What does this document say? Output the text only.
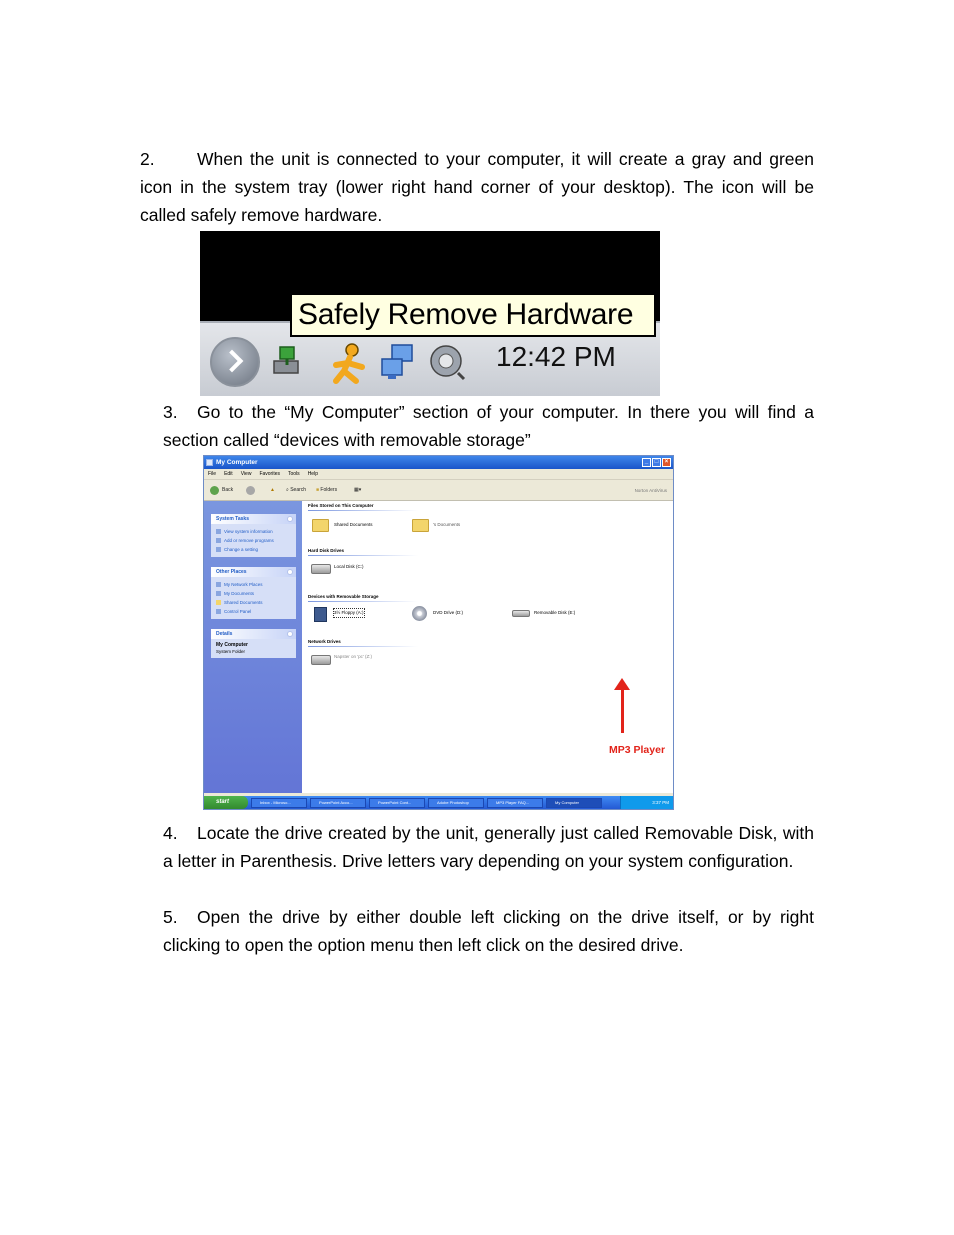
2. When the unit is connected to your computer, it will create a gray and green icon in the system tray (lower right hand corner of your desktop). The icon will be called safely remove hardware.
Safely Remove Hardware
12:42 PM
3. Go to the “My Computer” section of your computer. In there you will find a section called “devices with removable storage”
My Computer	_	□	×
File Edit View Favorites Tools Help
Back	▲ ⌕ Search ■ Folders	▦▾	Norton AntiVirus
System Tasks
View system information
Add or remove programs
Change a setting
Other Places
My Network Places
My Documents
Shared Documents
Control Panel
Details
My Computer
System Folder
Files Stored on This Computer
Shared Documents	's Documents
Hard Disk Drives
Local Disk (C:)
Devices with Removable Storage
3½ Floppy (A:)	DVD Drive (D:)	Removable Disk (E:)
Network Drives
Napster on 'pc' (Z:)
MP3 Player
start	Inbox - Microso...	PowerPoint Acco...	PowerPoint Cont...	Adobe Photoshop	MP3 Player FAQ...	My Computer	3:37 PM
4. Locate the drive created by the unit, generally just called Removable Disk, with a letter in Parenthesis. Drive letters vary depending on your system configuration.
5. Open the drive by either double left clicking on the drive itself, or by right clicking to open the option menu then left click on the desired drive.
